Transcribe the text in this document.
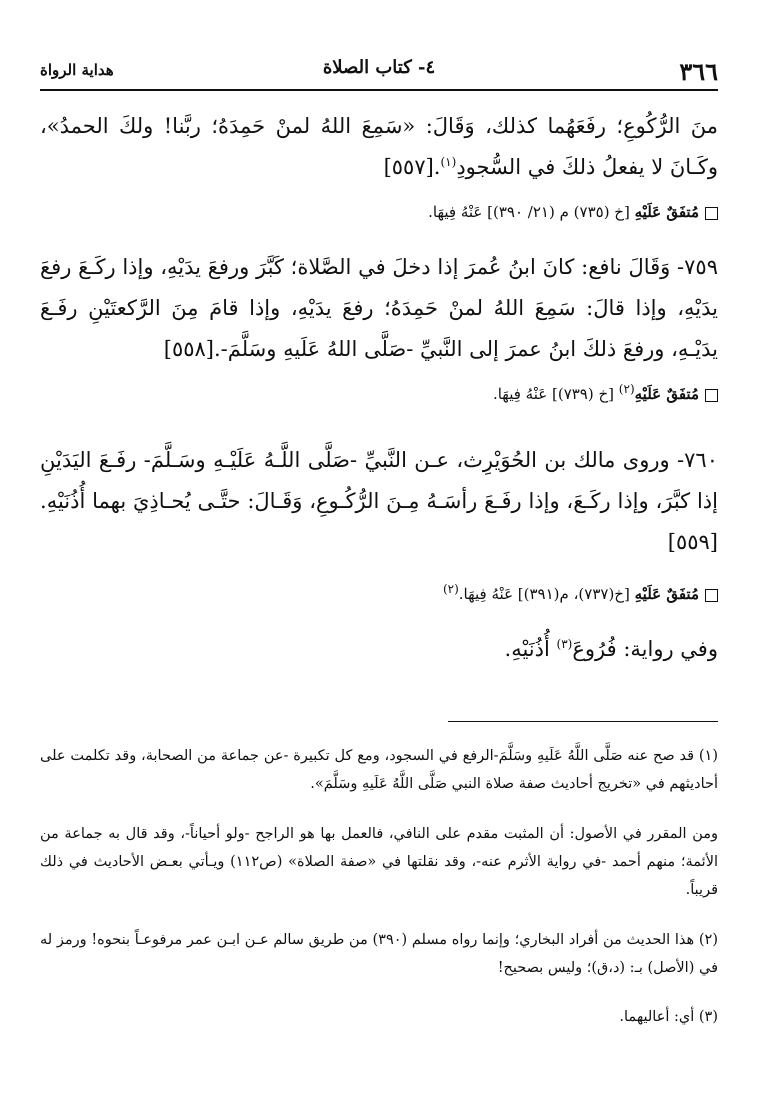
٣٦٦
٤- كتاب الصلاة
هداية الرواة
منَ الرُّكُوعِ؛ رفَعَهُما كذلك، وَقَالَ: «سَمِعَ اللهُ لمنْ حَمِدَهُ؛ ربَّنا! ولكَ الحمدُ»، وكَـانَ لا يفعلُ ذلكَ في السُّجودِ$^{(١)}$.[٥٥٧]
مُتفَقٌ عَلَيْهِ [خ (٧٣٥) م (٢١/ ٣٩٠)] عَنْهُ فِيهَا.
٧٥٩- وَقَالَ نافع: كانَ ابنُ عُمرَ إذا دخلَ في الصَّلاة؛ كَبَّرَ ورفعَ يدَيْهِ، وإذا ركَـعَ رفعَ يدَيْهِ، وإذا قالَ: سَمِعَ اللهُ لمنْ حَمِدَهُ؛ رفعَ يدَيْهِ، وإذا قامَ مِنَ الرَّكعتَيْنِ رفَـعَ يدَيْـهِ، ورفعَ ذلكَ ابنُ عمرَ إلى النَّبيِّ -صَلَّى اللهُ عَلَيهِ وسَلَّمَ-.[٥٥٨]
مُتفَقٌ عَلَيْهِ$^{(٢)}$ [خ (٧٣٩)] عَنْهُ فِيهَا.
٧٦٠- وروى مالك بن الحُوَيْرِث، عـن النَّبيِّ -صَلَّى اللَّـهُ عَلَيْـهِ وسَـلَّمَ- رفَـعَ اليَدَيْنِ إذا كبَّرَ، وإذا ركَـعَ، وإذا رفَـعَ رأسَـهُ مِـنَ الرُّكُـوعِ، وَقَـالَ: حتَّـى يُحـاذِيَ بهما أُذُنَيْهِ.[٥٥٩]
مُتفَقٌ عَلَيْهِ [خ(٧٣٧)، م(٣٩١)] عَنْهُ فِيهَا.$^{(٢)}$
وفي رواية: فُرُوعَ$^{(٣)}$ أُذُنَيْهِ.
(١) قد صح عنه صَلَّى اللَّهُ عَلَيهِ وسَلَّمَ-الرفع في السجود، ومع كل تكبيرة -عن جماعة من الصحابة، وقد تكلمت على أحاديثهم في «تخريج أحاديث صفة صلاة النبي صَلَّى اللَّهُ عَلَيهِ وسَلَّمَ».
ومن المقرر في الأصول: أن المثبت مقدم على النافي، فالعمل بها هو الراجح -ولو أحياناً-، وقد قال به جماعة من الأئمة؛ منهم أحمد -في رواية الأثرم عنه-، وقد نقلتها في «صفة الصلاة» (ص١١٢) ويـأتي بعـض الأحاديث في ذلك قريباً.
(٢) هذا الحديث من أفراد البخاري؛ وإنما رواه مسلم (٣٩٠) من طريق سالم عـن ابـن عمر مرفوعـاً بنحوه! ورمز له في (الأصل) بـ: (د،ق)؛ وليس بصحيح!
(٣) أي: أعاليهما.
